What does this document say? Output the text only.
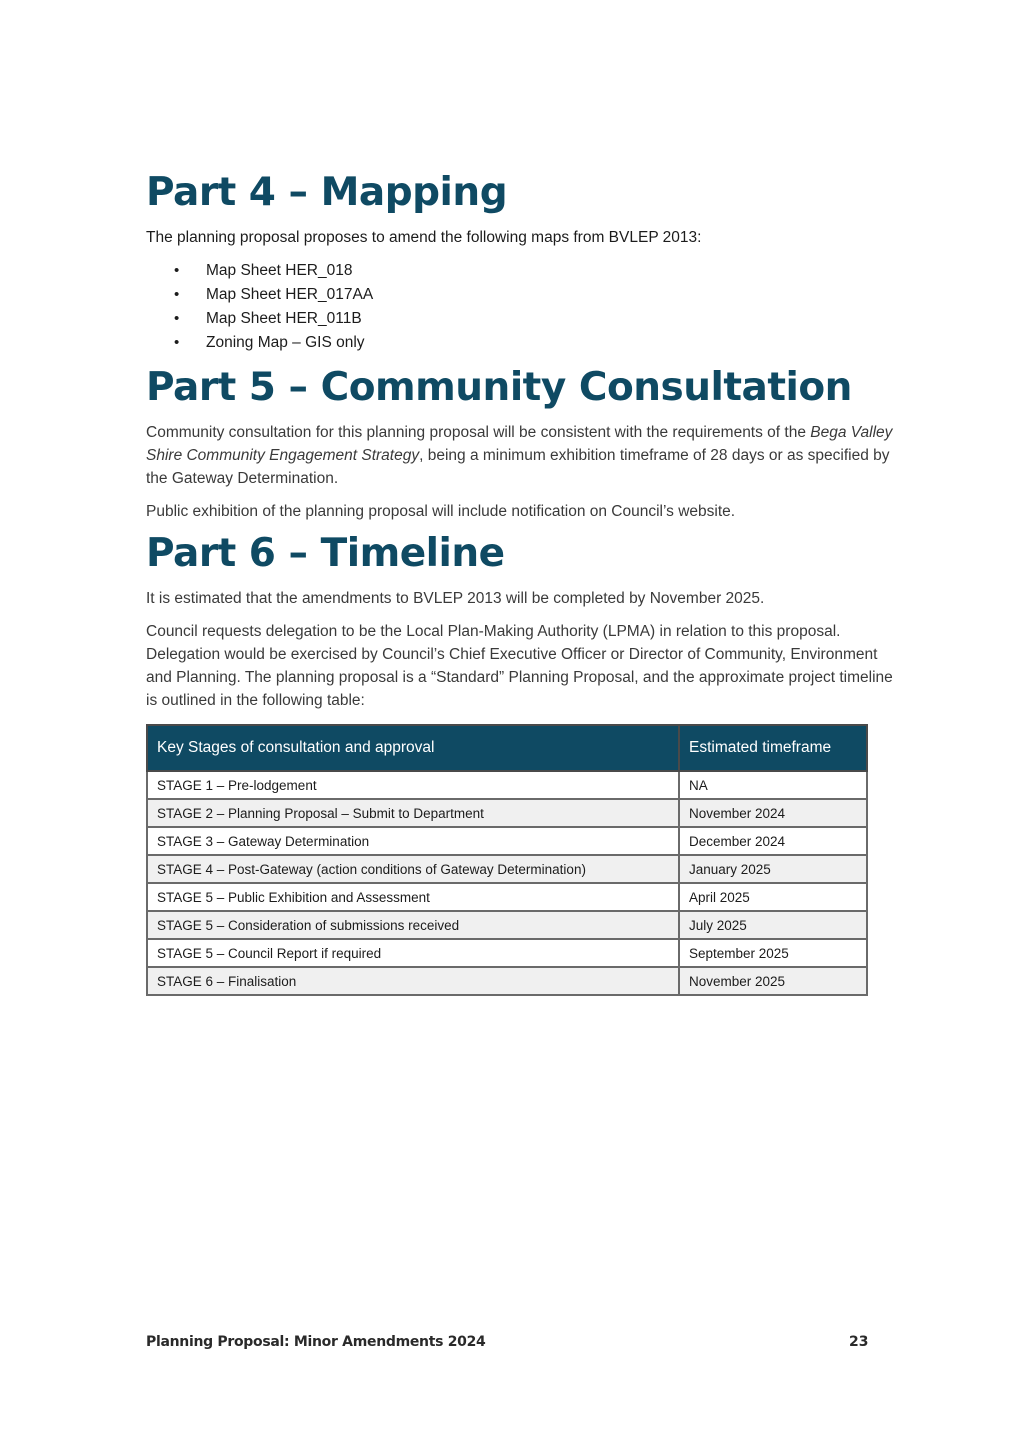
Part 4 – Mapping

The planning proposal proposes to amend the following maps from BVLEP 2013:

• Map Sheet HER_018
• Map Sheet HER_017AA
• Map Sheet HER_011B
• Zoning Map – GIS only
Part 5 – Community Consultation

Community consultation for this planning proposal will be consistent with the requirements of the Bega Valley Shire Community Engagement Strategy, being a minimum exhibition timeframe of 28 days or as specified by the Gateway Determination.

Public exhibition of the planning proposal will include notification on Council’s website.

Part 6 – Timeline

It is estimated that the amendments to BVLEP 2013 will be completed by November 2025.

Council requests delegation to be the Local Plan-Making Authority (LPMA) in relation to this proposal. Delegation would be exercised by Council’s Chief Executive Officer or Director of Community, Environment and Planning. The planning proposal is a “Standard” Planning Proposal, and the approximate project timeline is outlined in the following table:

Key Stages of consultation and approval	Estimated timeframe
STAGE 1 – Pre-lodgement	NA
STAGE 2 – Planning Proposal – Submit to Department	November 2024
STAGE 3 – Gateway Determination	December 2024
STAGE 4 – Post-Gateway (action conditions of Gateway Determination)	January 2025
STAGE 5 – Public Exhibition and Assessment	April 2025
STAGE 5 – Consideration of submissions received	July 2025
STAGE 5 – Council Report if required	September 2025
STAGE 6 – Finalisation	November 2025
Planning Proposal: Minor Amendments 2024	23
